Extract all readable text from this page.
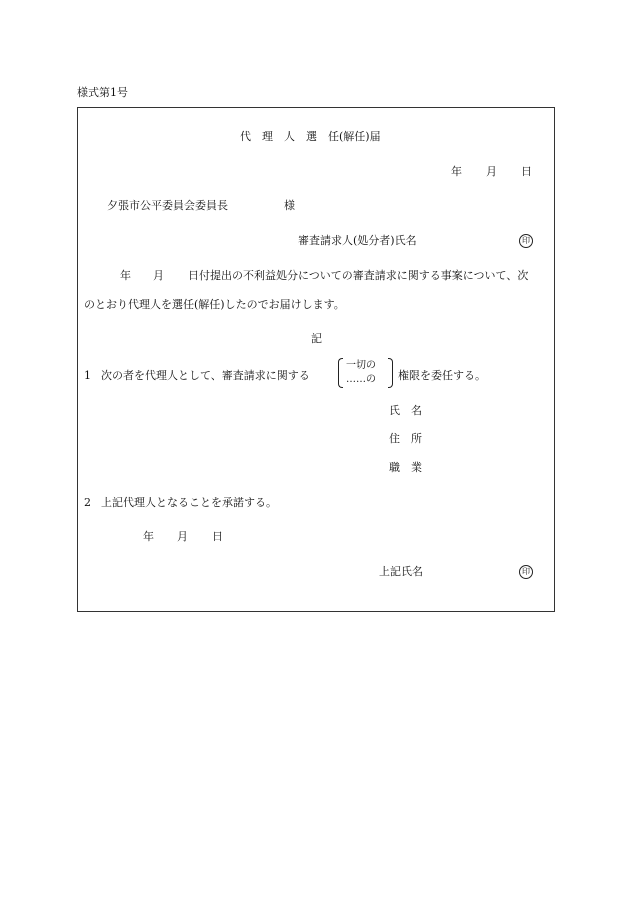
様式第1号
代　理　人　選　任(解任)届
年 月 日
夕張市公平委員会委員長	様
審査請求人(処分者)氏名	印
年 月 日付提出の不利益処分についての審査請求に関する事案について、次
のとおり代理人を選任(解任)したのでお届けします。
記
1 次の者を代理人として、審査請求に関する
一切の
……の 権限を委任する。
氏　名
住　所
職　業
2 上記代理人となることを承諾する。
年 月 日
上記氏名	印
